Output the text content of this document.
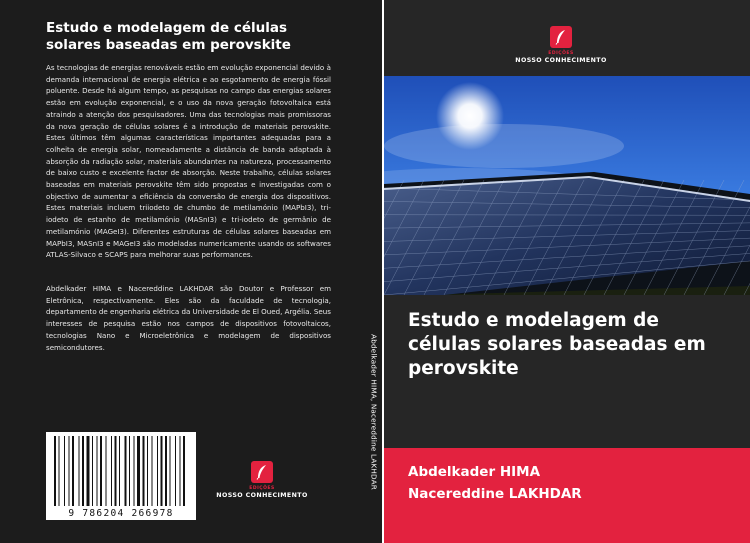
Estudo e modelagem de células solares baseadas em perovskite

As tecnologias de energias renováveis estão em evolução exponencial devido à demanda internacional de energia elétrica e ao esgotamento de energia fóssil poluente. Desde há algum tempo, as pesquisas no campo das energias solares estão em evolução exponencial, e o uso da nova geração fotovoltaica está atraindo a atenção dos pesquisadores. Uma das tecnologias mais promissoras da nova geração de células solares é a introdução de materiais perovskite. Estes últimos têm algumas características importantes adequadas para a colheita de energia solar, nomeadamente a distância de banda adaptada à absorção da radiação solar, materiais abundantes na natureza, processamento de baixo custo e excelente factor de absorção. Neste trabalho, células solares baseadas em materiais perovskite têm sido propostas e investigadas com o objectivo de aumentar a eficiência da conversão de energia dos dispositivos. Estes materiais incluem triiodeto de chumbo de metilamónio (MAPbI3), tri-iodeto de estanho de metilamónio (MASnI3) e tri-iodeto de germânio de metilamónio (MAGeI3). Diferentes estruturas de células solares baseadas em MAPbI3, MASnI3 e MAGeI3 são modeladas numericamente usando os softwares ATLAS-Silvaco e SCAPS para melhorar suas performances.

Abdelkader HIMA e Nacereddine LAKHDAR são Doutor e Professor em Eletrônica, respectivamente. Eles são da faculdade de tecnologia, departamento de engenharia elétrica da Universidade de El Oued, Argélia. Seus interesses de pesquisa estão nos campos de dispositivos fotovoltaicos, tecnologias Nano e Microeletrônica e modelagem de dispositivos semicondutores.

9 786204 266978
EDIÇÕES
NOSSO CONHECIMENTO
Abdelkader HIMA, Nacereddine LAKHDAR
EDIÇÕES
NOSSO CONHECIMENTO
Estudo e modelagem de células solares baseadas em perovskite

Abdelkader HIMA

Nacereddine LAKHDAR
